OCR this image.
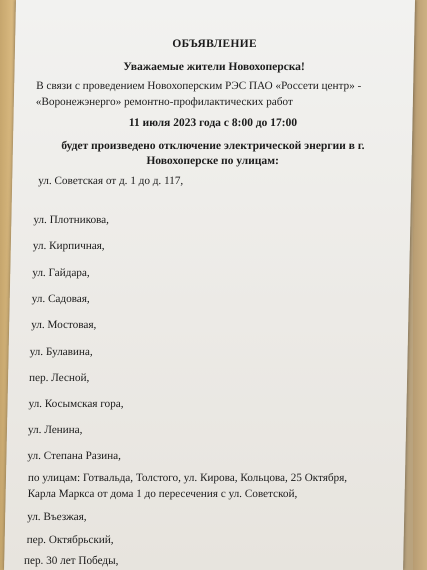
ОБЪЯВЛЕНИЕ
Уважаемые жители Новохоперска!
В связи с проведением Новохоперским РЭС ПАО «Россети центр» - «Воронежэнерго» ремонтно-профилактических работ
11 июля 2023 года с 8:00 до 17:00
будет произведено отключение электрической энергии в г.
Новохоперске по улицам:
ул. Советская от д. 1 до д. 117,
ул. Плотникова,
ул. Кирпичная,
ул. Гайдара,
ул. Садовая,
ул. Мостовая,
ул. Булавина,
пер. Лесной,
ул. Косымская гора,
ул. Ленина,
ул. Степана Разина,
по улицам: Готвальда, Толстого, ул. Кирова, Кольцова, 25 Октября,
Карла Маркса от дома 1 до пересечения с ул. Советской,
ул. Въезжая,
пер. Октябрьский,
пер. 30 лет Победы,
